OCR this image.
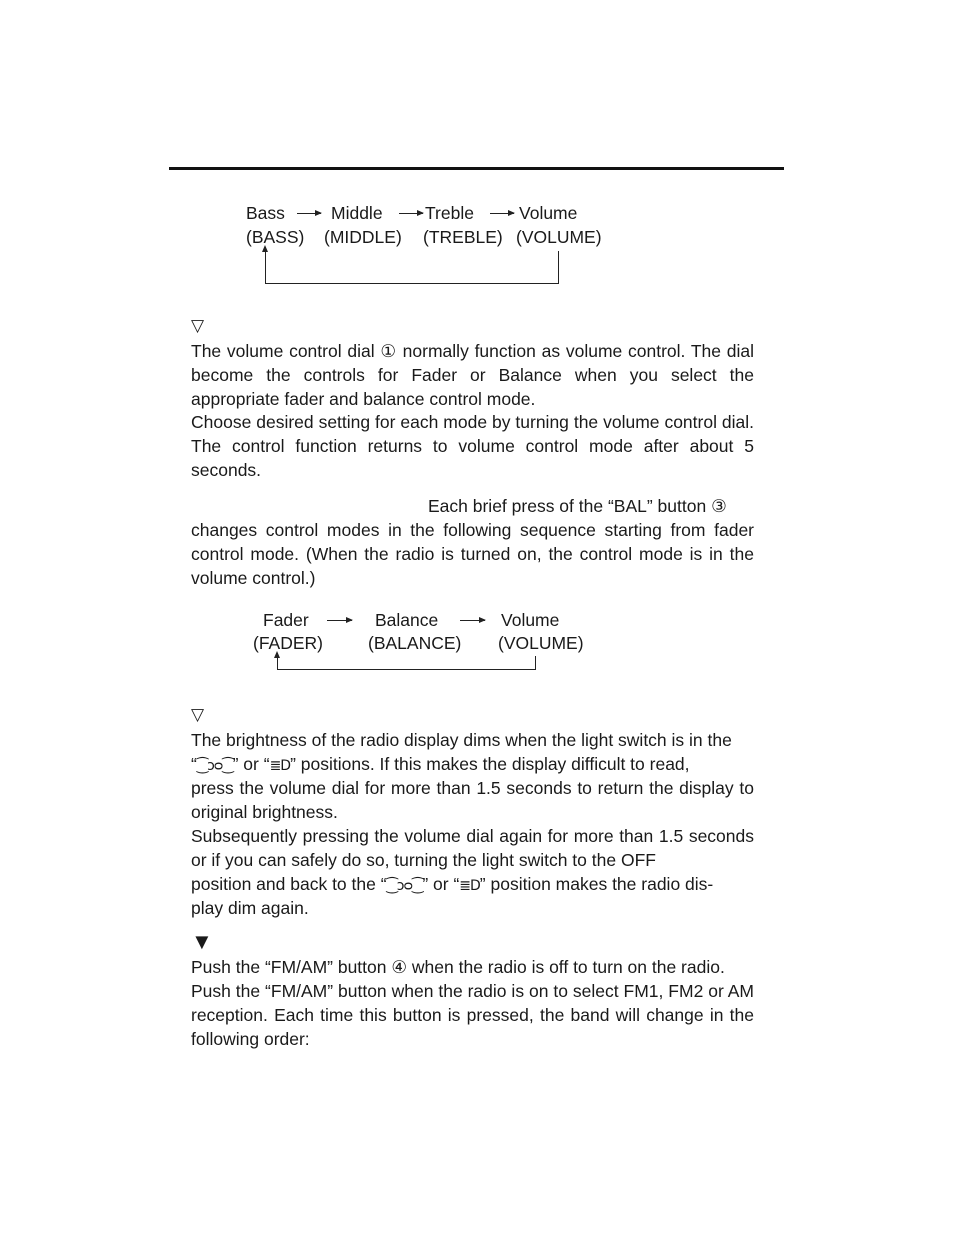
Bass	Middle Treble	Volume
(BASS) (MIDDLE) (TREBLE) (VOLUME)
▽

The volume control dial ① normally function as volume control. The dial become the controls for Fader or Balance when you select the appropriate fader and balance control mode.

Choose desired setting for each mode by turning the volume control dial. The control function returns to volume control mode after about 5 seconds.

Each brief press of the “BAL” button ③

changes control modes in the following sequence starting from fader control mode. (When the radio is turned on, the control mode is in the volume control.)

Fader	Balance	Volume
(FADER)	(BALANCE) (VOLUME)
▽

The brightness of the radio display dims when the light switch is in the

“⁐ᴐᴑ⁐” or “≣D” positions. If this makes the display difficult to read,

press the volume dial for more than 1.5 seconds to return the display to original brightness.

Subsequently pressing the volume dial again for more than 1.5 seconds or if you can safely do so, turning the light switch to the OFF

position and back to the “⁐ᴐᴑ⁐” or “≣D” position makes the radio dis-

play dim again.

▼

Push the “FM/AM” button ④ when the radio is off to turn on the radio.

Push the “FM/AM” button when the radio is on to select FM1, FM2 or AM reception. Each time this button is pressed, the band will change in the following order:
